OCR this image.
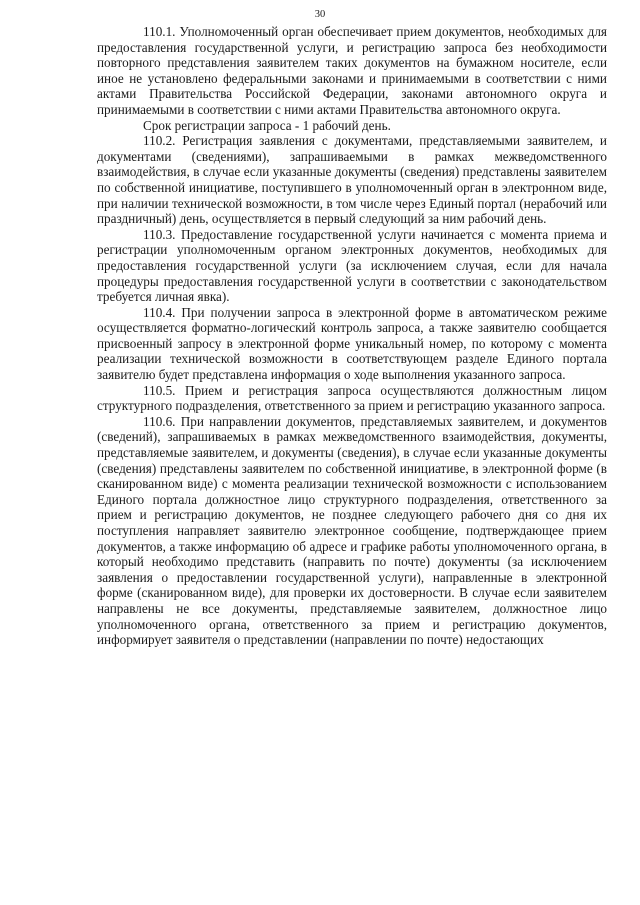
30

110.1. Уполномоченный орган обеспечивает прием документов, необходимых для предоставления государственной услуги, и регистрацию запроса без необходимости повторного представления заявителем таких документов на бумажном носителе, если иное не установлено федеральными законами и принимаемыми в соответствии с ними актами Правительства Российской Федерации, законами автономного округа и принимаемыми в соответствии с ними актами Правительства автономного округа.

Срок регистрации запроса - 1 рабочий день.

110.2. Регистрация заявления с документами, представляемыми заявителем, и документами (сведениями), запрашиваемыми в рамках межведомственного взаимодействия, в случае если указанные документы (сведения) представлены заявителем по собственной инициативе, поступившего в уполномоченный орган в электронном виде, при наличии технической возможности, в том числе через Единый портал (нерабочий или праздничный) день, осуществляется в первый следующий за ним рабочий день.

110.3. Предоставление государственной услуги начинается с момента приема и регистрации уполномоченным органом электронных документов, необходимых для предоставления государственной услуги (за исключением случая, если для начала процедуры предоставления государственной услуги в соответствии с законодательством требуется личная явка).

110.4. При получении запроса в электронной форме в автоматическом режиме осуществляется форматно-логический контроль запроса, а также заявителю сообщается присвоенный запросу в электронной форме уникальный номер, по которому с момента реализации технической возможности в соответствующем разделе Единого портала заявителю будет представлена информация о ходе выполнения указанного запроса.

110.5. Прием и регистрация запроса осуществляются должностным лицом структурного подразделения, ответственного за прием и регистрацию указанного запроса.

110.6. При направлении документов, представляемых заявителем, и документов (сведений), запрашиваемых в рамках межведомственного взаимодействия, документы, представляемые заявителем, и документы (сведения), в случае если указанные документы (сведения) представлены заявителем по собственной инициативе, в электронной форме (в сканированном виде) с момента реализации технической возможности с использованием Единого портала должностное лицо структурного подразделения, ответственного за прием и регистрацию документов, не позднее следующего рабочего дня со дня их поступления направляет заявителю электронное сообщение, подтверждающее прием документов, а также информацию об адресе и графике работы уполномоченного органа, в который необходимо представить (направить по почте) документы (за исключением заявления о предоставлении государственной услуги), направленные в электронной форме (сканированном виде), для проверки их достоверности. В случае если заявителем направлены не все документы, представляемые заявителем, должностное лицо уполномоченного органа, ответственного за прием и регистрацию документов, информирует заявителя о представлении (направлении по почте) недостающих
